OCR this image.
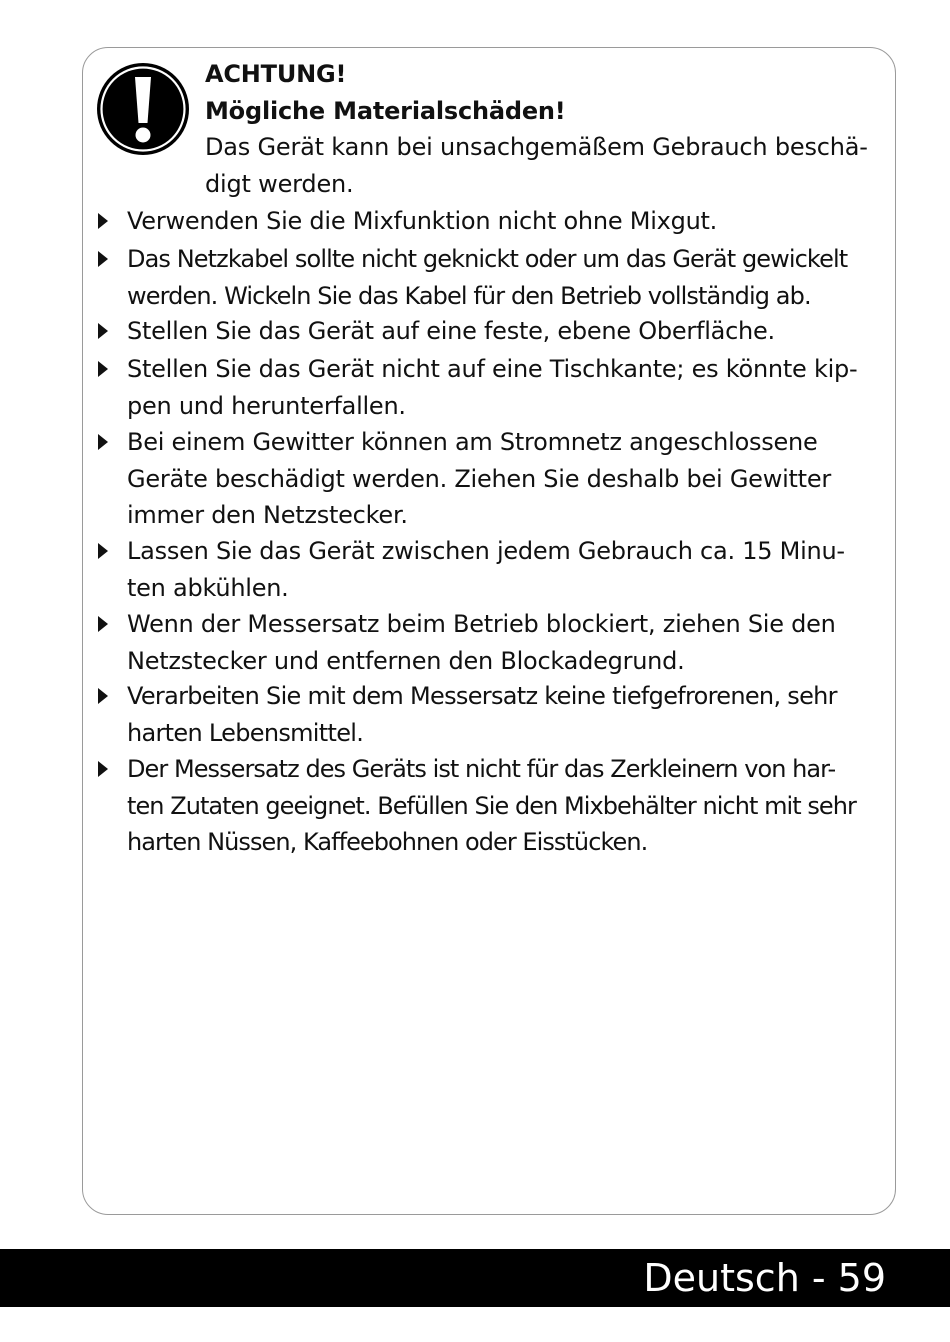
ACHTUNG!
Mögliche Materialschäden!
Das Gerät kann bei unsachgemäßem Gebrauch beschä-
digt werden.
Verwenden Sie die Mixfunktion nicht ohne Mixgut.
Das Netzkabel sollte nicht geknickt oder um das Gerät gewickelt
werden. Wickeln Sie das Kabel für den Betrieb vollständig ab.
Stellen Sie das Gerät auf eine feste, ebene Oberfläche.
Stellen Sie das Gerät nicht auf eine Tischkante; es könnte kip-
pen und herunterfallen.
Bei einem Gewitter können am Stromnetz angeschlossene
Geräte beschädigt werden. Ziehen Sie deshalb bei Gewitter
immer den Netzstecker.
Lassen Sie das Gerät zwischen jedem Gebrauch ca. 15 Minu-
ten abkühlen.
Wenn der Messersatz beim Betrieb blockiert, ziehen Sie den
Netzstecker und entfernen den Blockadegrund.
Verarbeiten Sie mit dem Messersatz keine tiefgefrorenen, sehr
harten Lebensmittel.
Der Messersatz des Geräts ist nicht für das Zerkleinern von har-
ten Zutaten geeignet. Befüllen Sie den Mixbehälter nicht mit sehr
harten Nüssen, Kaffeebohnen oder Eisstücken.
Deutsch - 59
